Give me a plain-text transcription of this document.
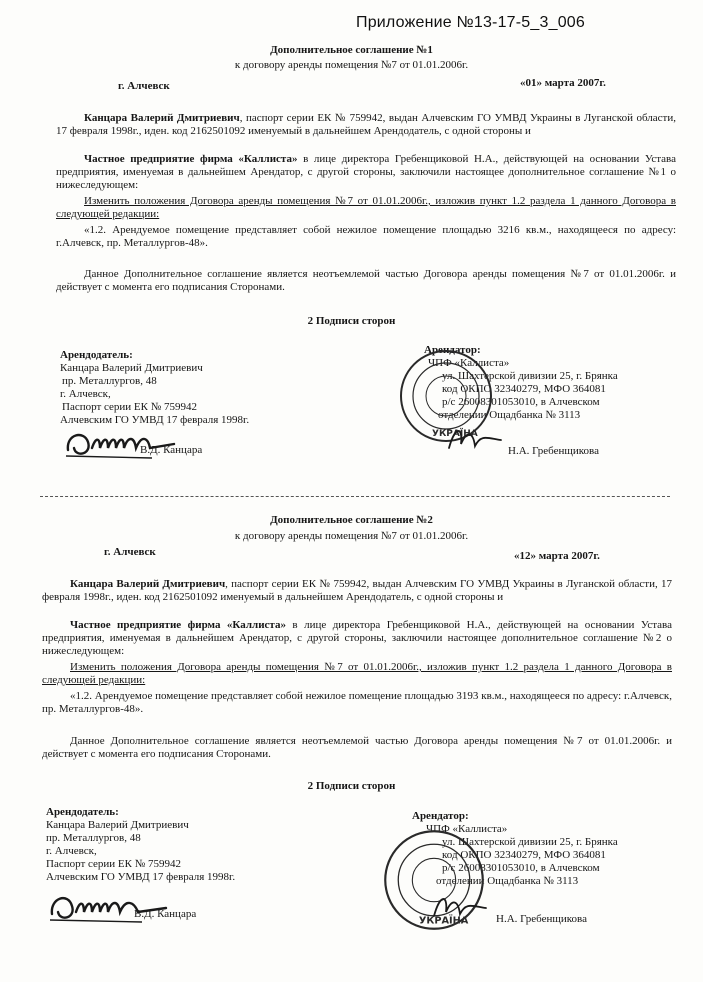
Приложение №13-17-5_3_006
Дополнительное соглашение №1
к договору аренды помещения №7 от 01.01.2006г.
г. Алчевск	«01» марта 2007г.
Канцара Валерий Дмитриевич, паспорт серии ЕК № 759942, выдан Алчевским ГО УМВД Украины в Луганской области, 17 февраля 1998г., иден. код 2162501092 именуемый в дальнейшем Арендодатель, с одной стороны и
Частное предприятие фирма «Каллиста» в лице директора Гребенщиковой Н.А., действующей на основании Устава предприятия, именуемая в дальнейшем Арендатор, с другой стороны, заключили настоящее дополнительное соглашение №1 о нижеследующем:
Изменить положения Договора аренды помещения №7 от 01.01.2006г., изложив пункт 1.2 раздела 1 данного Договора в следующей редакции:
«1.2. Арендуемое помещение представляет собой нежилое помещение площадью 3216 кв.м., находящееся по адресу: г.Алчевск, пр. Металлургов-48».
Данное Дополнительное соглашение является неотъемлемой частью Договора аренды помещения №7 от 01.01.2006г. и действует с момента его подписания Сторонами.
2 Подписи сторон
Арендодатель:
Канцара Валерий Дмитриевич
пр. Металлургов, 48
г. Алчевск,
Паспорт серии ЕК № 759942
Алчевским ГО УМВД 17 февраля 1998г.
В.Д. Канцара
Арендатор:
ЧПФ «Каллиста»
ул. Шахтерской дивизии 25, г. Брянка
код ОКПО 32340279, МФО 364081
р/с 26008301053010, в Алчевском
отделении Ощадбанка № 3113
Н.А. Гребенщикова
УКРАЇНА
Дополнительное соглашение №2
к договору аренды помещения №7 от 01.01.2006г.
г. Алчевск	«12» марта 2007г.
Канцара Валерий Дмитриевич, паспорт серии ЕК № 759942, выдан Алчевским ГО УМВД Украины в Луганской области, 17 февраля 1998г., иден. код 2162501092 именуемый в дальнейшем Арендодатель, с одной стороны и
Частное предприятие фирма «Каллиста» в лице директора Гребенщиковой Н.А., действующей на основании Устава предприятия, именуемая в дальнейшем Арендатор, с другой стороны, заключили настоящее дополнительное соглашение №2 о нижеследующем:
Изменить положения Договора аренды помещения №7 от 01.01.2006г., изложив пункт 1.2 раздела 1 данного Договора в следующей редакции:
«1.2. Арендуемое помещение представляет собой нежилое помещение площадью 3193 кв.м., находящееся по адресу: г.Алчевск, пр. Металлургов-48».
Данное Дополнительное соглашение является неотъемлемой частью Договора аренды помещения №7 от 01.01.2006г. и действует с момента его подписания Сторонами.
2 Подписи сторон
Арендодатель:
Канцара Валерий Дмитриевич
пр. Металлургов, 48
г. Алчевск,
Паспорт серии ЕК № 759942
Алчевским ГО УМВД 17 февраля 1998г.
В.Д. Канцара
Арендатор:
ЧПФ «Каллиста»
ул. Шахтерской дивизии 25, г. Брянка
код ОКПО 32340279, МФО 364081
р/с 26008301053010, в Алчевском
отделении Ощадбанка № 3113
Н.А. Гребенщикова
УКРАЇНА
